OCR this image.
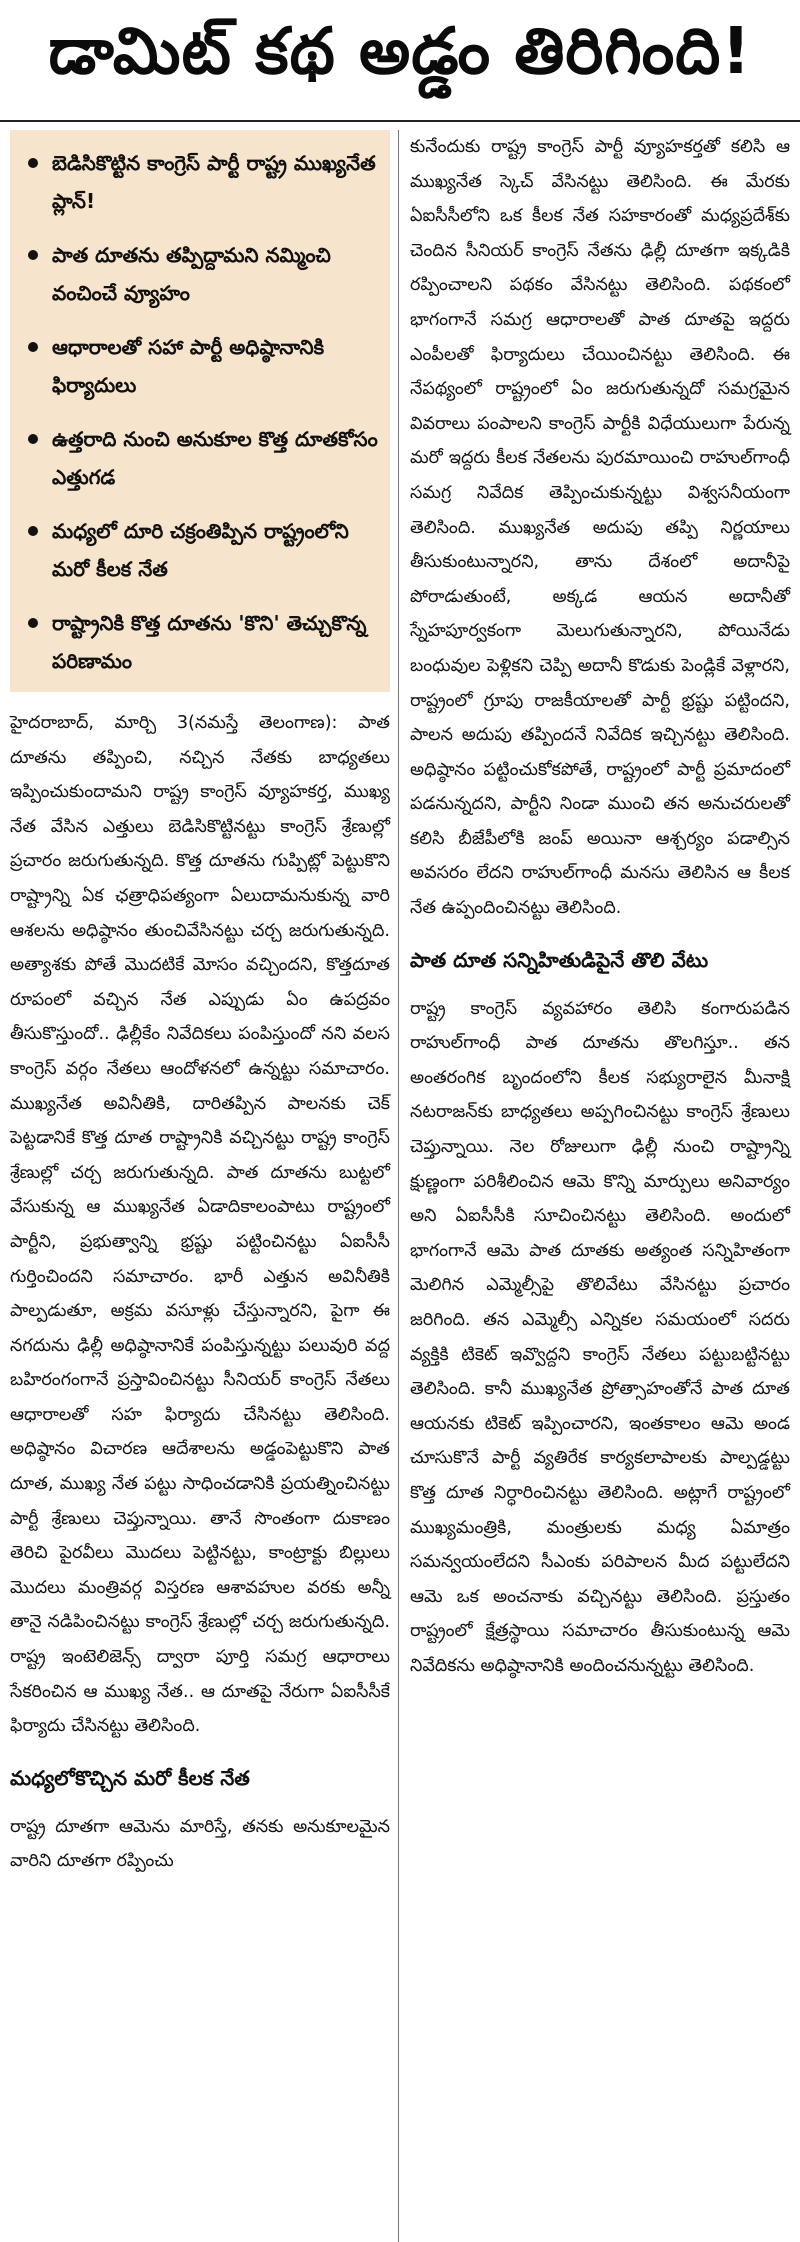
డామిట్ కథ అడ్డం తిరిగింది!
బెడిసికొట్టిన కాంగ్రెస్ పార్టీ రాష్ట్ర ముఖ్యనేత ప్లాన్!
పాత దూతను తప్పిద్దామని నమ్మించి వంచించే వ్యూహం
ఆధారాలతో సహా పార్టీ అధిష్ఠానానికి ఫిర్యాదులు
ఉత్తరాది నుంచి అనుకూల కొత్త దూతకోసం ఎత్తుగడ
మధ్యలో దూరి చక్రంతిప్పిన రాష్ట్రంలోని మరో కీలక నేత
రాష్ట్రానికి కొత్త దూతను 'కొని' తెచ్చుకొన్న పరిణామం

హైదరాబాద్, మార్చి 3(నమస్తే తెలంగాణ): పాత దూతను తప్పించి, నచ్చిన నేతకు బాధ్యతలు ఇప్పించుకుందామని రాష్ట్ర కాంగ్రెస్ వ్యూహకర్త, ముఖ్య నేత వేసిన ఎత్తులు బెడిసికొట్టినట్టు కాంగ్రెస్ శ్రేణుల్లో ప్రచారం జరుగుతున్నది. కొత్త దూతను గుప్పిట్లో పెట్టుకొని రాష్ట్రాన్ని ఏక ఛత్రాధిపత్యంగా ఏలుదామనుకున్న వారి ఆశలను అధిష్ఠానం తుంచివేసినట్టు చర్చ జరుగుతున్నది. అత్యాశకు పోతే మొదటికే మోసం వచ్చిందని, కొత్తదూత రూపంలో వచ్చిన నేత ఎప్పుడు ఏం ఉపద్రవం తీసుకొస్తుందో.. ఢిల్లీకేం నివేదికలు పంపిస్తుందో నని వలస కాంగ్రెస్ వర్గం నేతలు ఆందోళనలో ఉన్నట్టు సమాచారం. ముఖ్యనేత అవినీతికి, దారితప్పిన పాలనకు చెక్ పెట్టడానికే కొత్త దూత రాష్ట్రానికి వచ్చినట్టు రాష్ట్ర కాంగ్రెస్ శ్రేణుల్లో చర్చ జరుగుతున్నది. పాత దూతను బుట్టలో వేసుకున్న ఆ ముఖ్యనేత ఏడాదికాలంపాటు రాష్ట్రంలో పార్టీని, ప్రభుత్వాన్ని భ్రష్టు పట్టించినట్టు ఏఐసీసీ గుర్తించిందని సమాచారం. భారీ ఎత్తున అవినీతికి పాల్పడుతూ, అక్రమ వసూళ్లు చేస్తున్నారని, పైగా ఈ నగదును ఢిల్లీ అధిష్ఠానానికే పంపిస్తున్నట్టు పలువురి వద్ద బహిరంగంగానే ప్రస్తావించినట్టు సీనియర్ కాంగ్రెస్ నేతలు ఆధారాలతో సహ ఫిర్యాదు చేసినట్టు తెలిసింది. అధిష్ఠానం విచారణ ఆదేశాలను అడ్డంపెట్టుకొని పాత దూత, ముఖ్య నేత పట్టు సాధించడానికి ప్రయత్నించినట్టు పార్టీ శ్రేణులు చెప్తున్నాయి. తానే సొంతంగా దుకాణం తెరిచి పైరవీలు మొదలు పెట్టినట్టు, కాంట్రాక్టు బిల్లులు మొదలు మంత్రివర్గ విస్తరణ ఆశావహుల వరకు అన్నీ తానై నడిపించినట్టు కాంగ్రెస్ శ్రేణుల్లో చర్చ జరుగుతున్నది. రాష్ట్ర ఇంటెలిజెన్స్ ద్వారా పూర్తి సమగ్ర ఆధారాలు సేకరించిన ఆ ముఖ్య నేత.. ఆ దూతపై నేరుగా ఏఐసీసీకే ఫిర్యాదు చేసినట్టు తెలిసింది.

మధ్యలోకొచ్చిన మరో కీలక నేత

రాష్ట్ర దూతగా ఆమెను మారిస్తే, తనకు అనుకూలమైన వారిని దూతగా రప్పించు

కునేందుకు రాష్ట్ర కాంగ్రెస్ పార్టీ వ్యూహకర్తతో కలిసి ఆ ముఖ్యనేత స్కెచ్ వేసినట్టు తెలిసింది. ఈ మేరకు ఏఐసీసీలోని ఒక కీలక నేత సహకారంతో మధ్యప్రదేశ్‌కు చెందిన సీనియర్ కాంగ్రెస్ నేతను ఢిల్లీ దూతగా ఇక్కడికి రప్పించాలని పథకం వేసినట్టు తెలిసింది. పథకంలో భాగంగానే సమగ్ర ఆధారాలతో పాత దూతపై ఇద్దరు ఎంపీలతో ఫిర్యాదులు చేయించినట్టు తెలిసింది. ఈ నేపథ్యంలో రాష్ట్రంలో ఏం జరుగుతున్నదో సమగ్రమైన వివరాలు పంపాలని కాంగ్రెస్ పార్టీకి విధేయులుగా పేరున్న మరో ఇద్దరు కీలక నేతలను పురమాయించి రాహుల్‌గాంధీ సమగ్ర నివేదిక తెప్పించుకున్నట్టు విశ్వసనీయంగా తెలిసింది. ముఖ్యనేత అదుపు తప్పి నిర్ణయాలు తీసుకుంటున్నారని, తాను దేశంలో అదానీపై పోరాడుతుంటే, అక్కడ ఆయన అదానీతో స్నేహపూర్వకంగా మెలుగుతున్నారని, పోయినేడు బంధువుల పెళ్లికని చెప్పి అదానీ కొడుకు పెండ్లికే వెళ్లారని, రాష్ట్రంలో గ్రూపు రాజకీయాలతో పార్టీ భ్రష్టు పట్టిందని, పాలన అదుపు తప్పిందనే నివేదిక ఇచ్చినట్టు తెలిసింది. అధిష్ఠానం పట్టించుకోకపోతే, రాష్ట్రంలో పార్టీ ప్రమాదంలో పడనున్నదని, పార్టీని నిండా ముంచి తన అనుచరులతో కలిసి బీజేపీలోకి జంప్ అయినా ఆశ్చర్యం పడాల్సిన అవసరం లేదని రాహుల్‌గాంధీ మనసు తెలిసిన ఆ కీలక నేత ఉప్పందించినట్టు తెలిసింది.

పాత దూత సన్నిహితుడిపైనే తొలి వేటు

రాష్ట్ర కాంగ్రెస్ వ్యవహారం తెలిసి కంగారుపడిన రాహుల్‌గాంధీ పాత దూతను తొలగిస్తూ.. తన అంతరంగిక బృందంలోని కీలక సభ్యురాలైన మీనాక్షి నటరాజన్‌కు బాధ్యతలు అప్పగించినట్టు కాంగ్రెస్ శ్రేణులు చెప్తున్నాయి. నెల రోజులుగా ఢిల్లీ నుంచి రాష్ట్రాన్ని క్షుణ్ణంగా పరిశీలించిన ఆమె కొన్ని మార్పులు అనివార్యం అని ఏఐసీసీకి సూచించినట్టు తెలిసింది. అందులో భాగంగానే ఆమె పాత దూతకు అత్యంత సన్నిహితంగా మెలిగిన ఎమ్మెల్సీపై తొలివేటు వేసినట్టు ప్రచారం జరిగింది. తన ఎమ్మెల్సీ ఎన్నికల సమయంలో సదరు వ్యక్తికి టికెట్ ఇవ్వొద్దని కాంగ్రెస్ నేతలు పట్టుబట్టినట్టు తెలిసింది. కానీ ముఖ్యనేత ప్రోత్సాహంతోనే పాత దూత ఆయనకు టికెట్ ఇప్పించారని, ఇంతకాలం ఆమె అండ చూసుకొనే పార్టీ వ్యతిరేక కార్యకలాపాలకు పాల్పడ్డట్టు కొత్త దూత నిర్ధారించినట్టు తెలిసింది. అట్లాగే రాష్ట్రంలో ముఖ్యమంత్రికి, మంత్రులకు మధ్య ఏమాత్రం సమన్వయంలేదని సీఎంకు పరిపాలన మీద పట్టులేదని ఆమె ఒక అంచనాకు వచ్చినట్టు తెలిసింది. ప్రస్తుతం రాష్ట్రంలో క్షేత్రస్థాయి సమాచారం తీసుకుంటున్న ఆమె నివేదికను అధిష్ఠానానికి అందించనున్నట్టు తెలిసింది.
